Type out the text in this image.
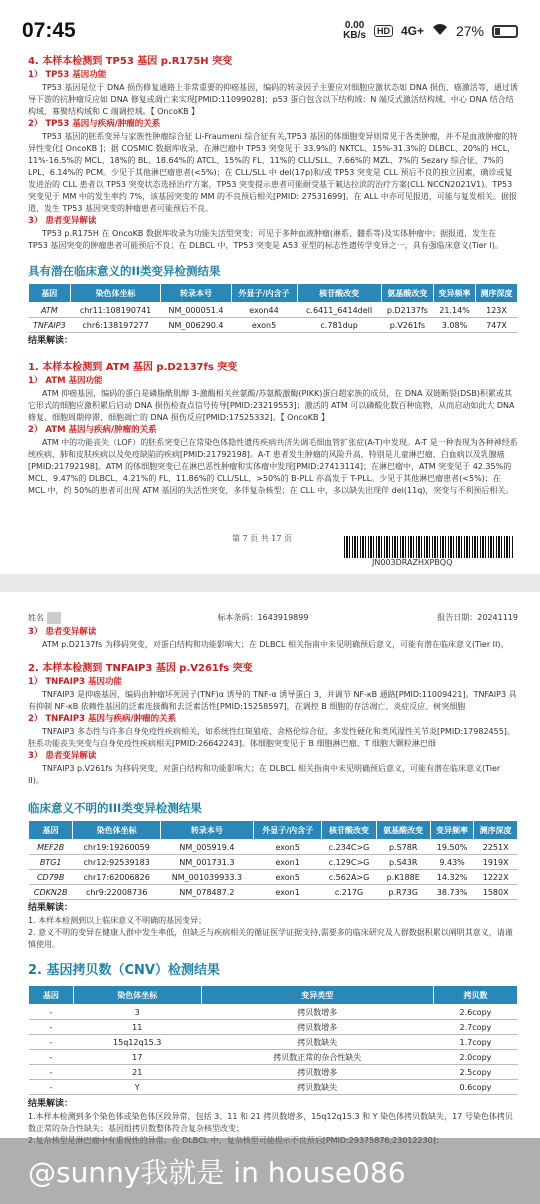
07:45	0.00
KB/s	HD 4G+ 27%
4. 本样本检测到 TP53 基因 p.R175H 突变
1） TP53 基因功能
TP53 基因是位于 DNA 损伤修复通路上非常重要的抑癌基因，编码的转录因子主要应对细胞应激状态如 DNA 损伤、癌激活等，通过诱导下游的抗肿瘤反应如 DNA 修复或凋亡来实现[PMID:11099028]；p53 蛋白包含以下结构域：N 端反式激活结构域、中心 DNA 结合结构域、寡聚结构域和 C 端调控域。【 OncoKB 】
2） TP53 基因与疾病/肿瘤的关系
TP53 基因的胚系变异与家族性肿瘤综合征 Li-Fraumeni 综合征有关,TP53 基因的体细胞变异则常见于各类肿瘤，并不是血液肿瘤的特异性变化[ OncoKB ]；据 COSMIC 数据库收录，在淋巴瘤中 TP53 突变见于 33.9%的 NKTCL、15%-31.3%的 DLBCL、20%的 HCL，11%-16.5%的 MCL、18%的 BL、18.64%的 ATCL、15%的 FL、11%的 CLL/SLL、7.66%的 MZL、7%的 Sezary 综合征、7%的 LPL、6.14%的 PCM。少见于其他淋巴瘤患者(<5%)；在 CLL/SLL 中 del(17p)和/或 TP53 突变是 CLL 预后不良的独立因素，确诊或复发进治的 CLL 患者以 TP53 突变状态选择治疗方案，TP53 突变提示患者可能耐受基于氟达拉滨的治疗方案(CLL NCCN2021V1)。TP53 突变见于 MM 中的发生率约 7%，该基因突变的 MM 的不良预后相关[PMID: 27531699]。在 ALL 中亦可见报道，可能与复发相关。据报道，发生 TP53 基因突变的肿瘤患者可能预后不良。
3） 患者变异解读
TP53 p.R175H 在 OncoKB 数据库收录为功能失活型突变；可见于多种血液肿瘤(淋系、髓系等)及实体肿瘤中；据报道，发生在 TP53 基因突变的肿瘤患者可能预后不良；在 DLBCL 中，TP53 突变是 A53 亚型的标志性遗传学变异之一，具有强临床意义(Tier I)。
具有潜在临床意义的II类变异检测结果
基因	染色体坐标	转录本号	外显子/内含子	核苷酸改变	氨基酸改变	变异频率	测序深度
ATM	chr11:108190741	NM_000051.4	exon44	c.6411_6414delI	p.D2137fs	21.14%	123X
TNFAIP3	chr6:138197277	NM_006290.4	exon5	c.781dup	p.V261fs	3.08%	747X
结果解读：
1. 本样本检测到 ATM 基因 p.D2137fs 突变
1） ATM 基因功能
ATM 抑癌基因，编码的蛋白是磷脂酰肌醇 3-激酶相关丝氨酸/苏氨酸激酶(PIKK)蛋白超家族的成员，在 DNA 双链断裂(DSB)积累或其它形式的细胞应激积累后启动 DNA 损伤检查点信号传导[PMID:23219553]；激活的 ATM 可以磷酸化数百种底物，从而启动如此大 DNA 修复、细胞周期停滞、细胞凋亡的 DNA 损伤反应[PMID:17525332]。【 OncoKB 】
2） ATM 基因与疾病/肿瘤的关系
ATM 中的功能丧失（LOF）的胚系突变已在常染色体隐性遗传疾病共济失调毛细血管扩张症(A-T)中发现。A-T 是一种表现为各种神经系统疾病、肺和皮肤疾病以及免疫缺陷的疾病[PMID:21792198]。A-T 患者发生肿瘤的风险升高，特别是儿童淋巴瘤、白血病以及乳腺癌[PMID:21792198]。ATM 的体细胞突变已在淋巴恶性肿瘤和实体瘤中发现[PMID:27413114]；在淋巴瘤中，ATM 突变见于 42.35%的 MCL、9.47%的 DLBCL、4.21%的 FL、11.86%的 CLL/SLL、>50%的 B-PLL 亦高发于 T-PLL。少见于其他淋巴瘤患者(<5%)；在 MCL 中，约 50%的患者可出现 ATM 基因的失活性突变，多伴复杂核型；在 CLL 中，多以缺失出现伴 del(11q)，突变与不利预后相关。
第 7 页 共 17 页
JN003DRAZHXPBQQ
姓名	标本条码：1643919899	报告日期：20241119
3） 患者变异解读
ATM p.D2137fs 为移码突变，对蛋白结构和功能影响大；在 DLBCL 相关指南中未见明确预后意义，可能有潜在临床意义(Tier II)。
2. 本样本检测到 TNFAIP3 基因 p.V261fs 突变
1） TNFAIP3 基因功能
TNFAIP3 是抑癌基因，编码由肿瘤坏死因子(TNF)α 诱导的 TNF-α 诱导蛋白 3，并调节 NF-κB 通路[PMID:11009421]。TNFAIP3 具有抑制 NF-κB 依赖性基因的泛素连接酶和去泛素活性[PMID:15258597]，在调控 B 细胞的存活凋亡、炎症反应、树突细胞
2） TNFAIP3 基因与疾病/肿瘤的关系
TNFAIP3 多态性与许多自身免疫性疾病相关，如系统性红斑狼疮、舍格伦综合征、多发性硬化和类风湿性关节炎[PMID:17982455]。胚系功能丧失突变与自身免疫性疾病相关[PMID:26642243]。体细胞突变见于 B 细胞淋巴瘤、T 细胞大颗粒淋巴细
3） 患者变异解读
TNFAIP3 p.V261fs 为移码突变，对蛋白结构和功能影响大；在 DLBCL 相关指南中未见明确预后意义，可能有潜在临床意义(Tier II)。
临床意义不明的III类变异检测结果
基因	染色体坐标	转录本号	外显子/内含子	核苷酸改变	氨基酸改变	变异频率	测序深度
MEF2B	chr19:19260059	NM_005919.4	exon5	c.234C>G	p.S78R	19.50%	2251X
BTG1	chr12:92539183	NM_001731.3	exon1	c.129C>G	p.S43R	9.43%	1919X
CD79B	chr17:62006826	NM_001039933.3	exon5	c.562A>G	p.K188E	14.32%	1222X
CDKN2B	chr9:22008736	NM_078487.2	exon1	c.217G	p.R73G	38.73%	1580X
结果解读：
1. 本样本检测到以上临床意义不明确的基因变异；
2. 意义不明的变异在健康人群中发生率低，但缺乏与疾病相关的循证医学证据支持,需要多的临床研究及人群数据积累以阐明其意义，请谨慎使用。
2. 基因拷贝数（CNV）检测结果
基因	染色体坐标	变异类型	拷贝数
-	3	拷贝数增多	2.6copy
-	11	拷贝数增多	2.7copy
-	15q12q15.3	拷贝数缺失	1.7copy
-	17	拷贝数正常的杂合性缺失	2.0copy
-	21	拷贝数增多	2.5copy
-	Y	拷贝数缺失	0.6copy
结果解读：
1.本样本检测到多个染色体或染色体区段异常，包括 3、11 和 21 拷贝数增多，15q12q15.3 和 Y 染色体拷贝数缺失，17 号染色体拷贝数正常的杂合性缺失；基因组拷贝数整体符合复杂核型改变；
@sunny我就是 in house086
